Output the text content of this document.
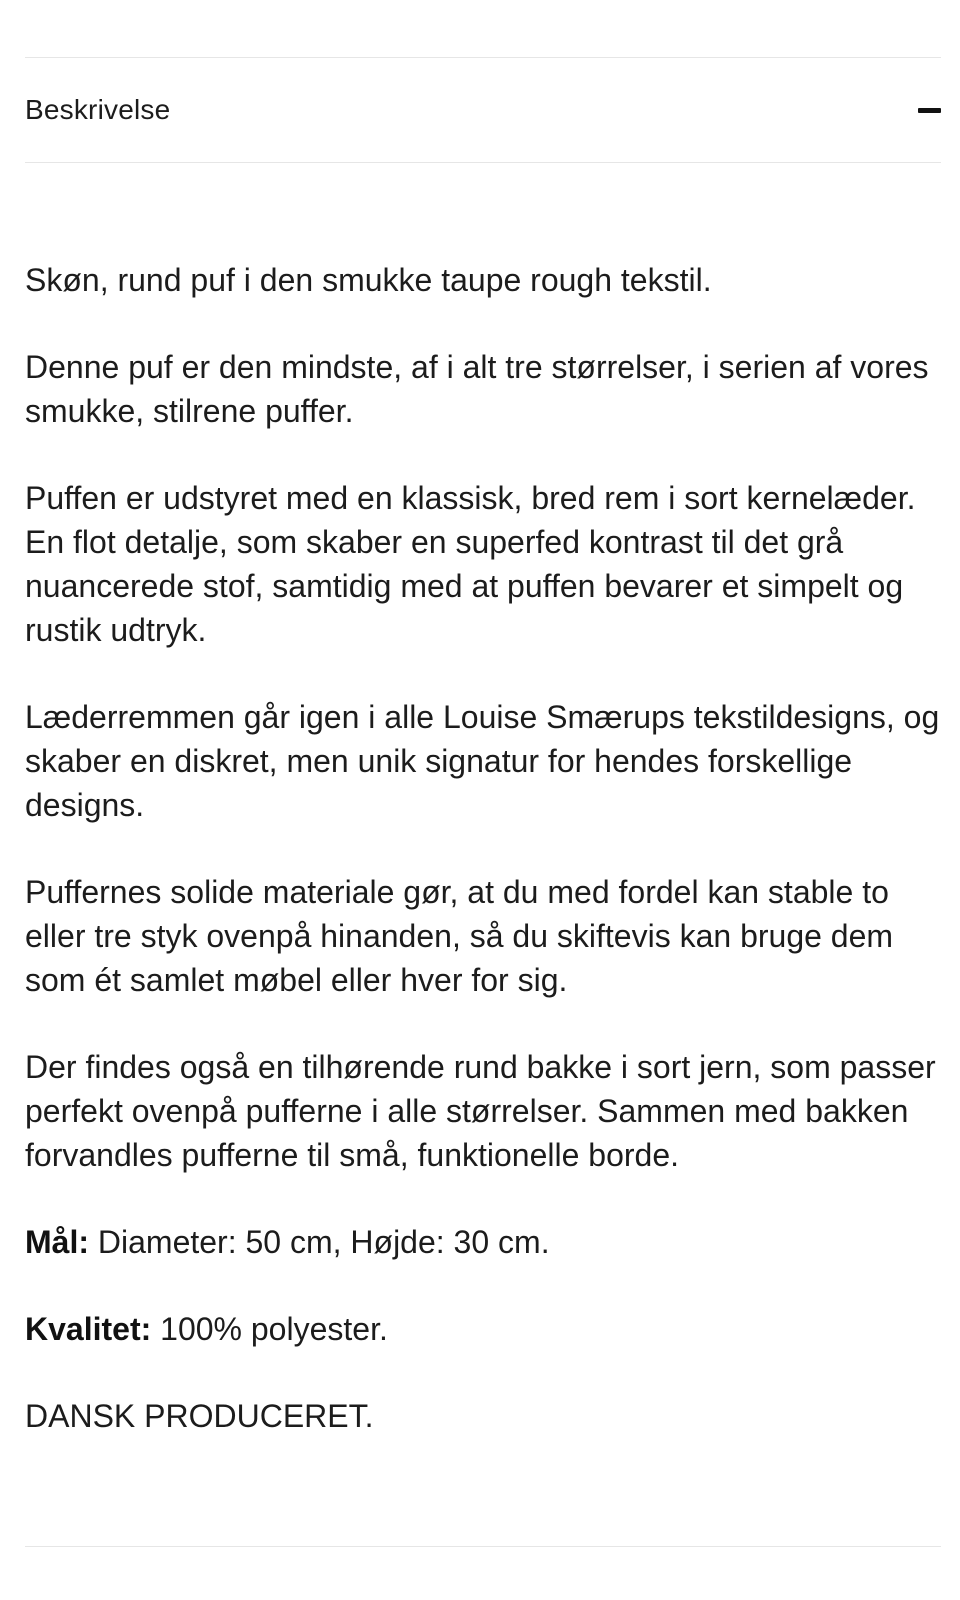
Beskrivelse

Skøn, rund puf i den smukke taupe rough tekstil.

Denne puf er den mindste, af i alt tre størrelser, i serien af vores smukke, stilrene puffer.

Puffen er udstyret med en klassisk, bred rem i sort kernelæder. En flot detalje, som skaber en superfed kontrast til det grå nuancerede stof, samtidig med at puffen bevarer et simpelt og rustik udtryk.

Læderremmen går igen i alle Louise Smærups tekstildesigns, og skaber en diskret, men unik signatur for hendes forskellige designs.

Puffernes solide materiale gør, at du med fordel kan stable to eller tre styk ovenpå hinanden, så du skiftevis kan bruge dem som ét samlet møbel eller hver for sig.

Der findes også en tilhørende rund bakke i sort jern, som passer perfekt ovenpå pufferne i alle størrelser. Sammen med bakken forvandles pufferne til små, funktionelle borde.

Mål: Diameter: 50 cm, Højde: 30 cm.

Kvalitet: 100% polyester.

DANSK PRODUCERET.
